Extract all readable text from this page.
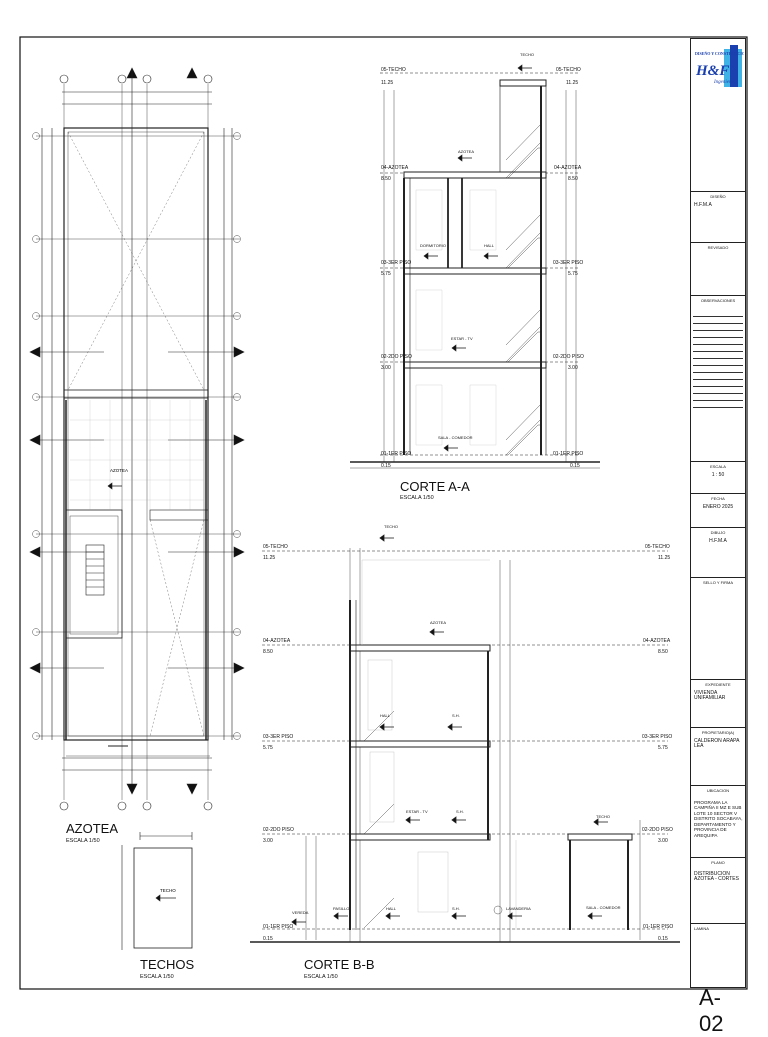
AZOTEA
TECHO
05-TECHO
11.25
05-TECHO
11.25
04-AZOTEA
8.50
04-AZOTEA
8.50
03-3ER PISO
5.75
03-3ER PISO
5.75
02-2DO PISO
3.00
02-2DO PISO
3.00
01-1ER PISO
0.15
01-1ER PISO
0.15
TECHO
AZOTEA
DORMITORIO	HALL
ESTAR - TV
SALA - COMEDOR
05-TECHO
11.25
05-TECHO
11.25
04-AZOTEA
8.50
04-AZOTEA
8.50
03-3ER PISO
5.75
03-3ER PISO
5.75
02-2DO PISO
3.00
02-2DO PISO
3.00
01-1ER PISO
0.15
01-1ER PISO
0.15
TECHO
AZOTEA
HALL	S.H.
ESTAR - TV	S.H.
TECHO
SALA - COMEDOR
VEREDA
PASILLO	HALL	S.H.	LAVANDERIA
AZOTEA
ESCALA 1/50
TECHOS
ESCALA 1/50
CORTE A-A
ESCALA 1/50
CORTE B-B
ESCALA 1/50
DISEÑO Y CONSTRUCCION
H&F
Ingenieros
DISEÑO
H.F.M.A
REVISADO
OBSERVACIONES
ESCALA
1 : 50
FECHA
ENERO 2025
DIBUJO
H.F.M.A
SELLO Y FIRMA
EXPEDIENTE
VIVIENDA UNIFAMILIAR
PROPIETARIO(A)
CALDERON ARAPA LEA
UBICACION
PROGRAMA LA CAMPIÑA II MZ E SUB LOTE 10 SECTOR V DISTRITO SOCABAYA, DEPARTAMENTO Y PROVINCIA DE AREQUIPA
PLANO
DISTRIBUCION AZOTEA - CORTES
LAMINA
A-02
